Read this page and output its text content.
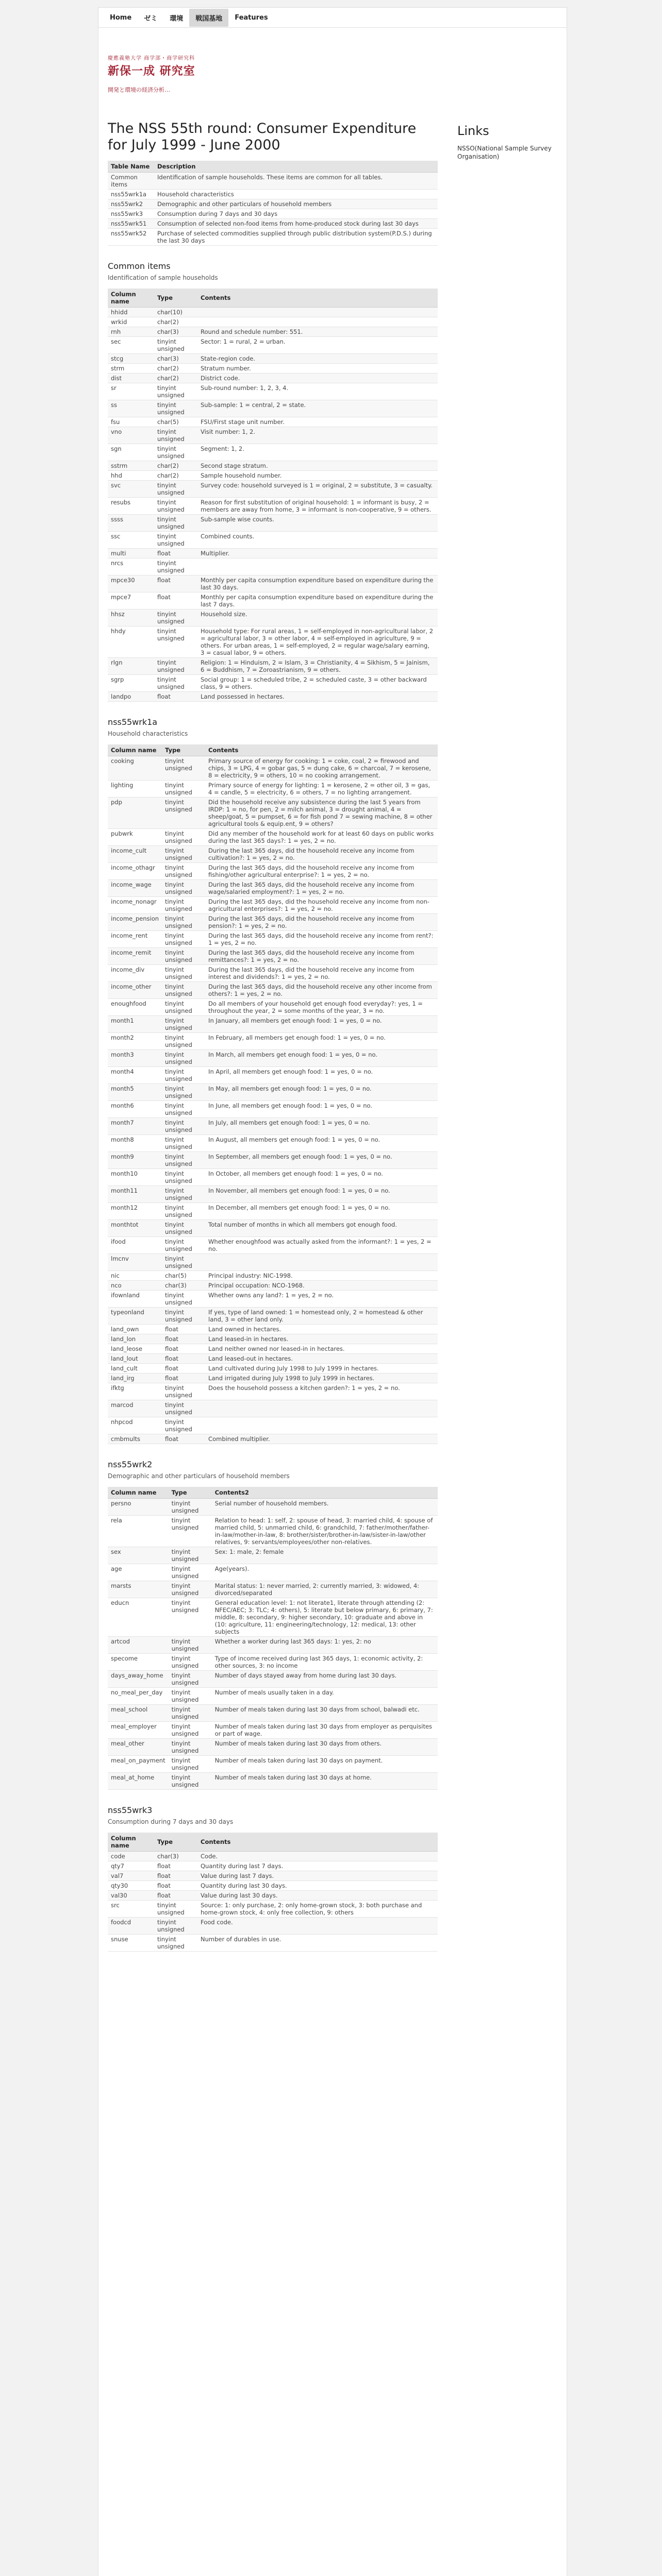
Home	ゼミ	環境	戦国基地	Features
慶應義塾大学 商学部・商学研究科
新保一成 研究室
開発と環境の経済分析…
The NSS 55th round: Consumer Expenditure for July 1999 - June 2000
Table Name	Description
Common items	Identification of sample households. These items are common for all tables.
nss55wrk1a	Household characteristics
nss55wrk2	Demographic and other particulars of household members
nss55wrk3	Consumption during 7 days and 30 days
nss55wrk51	Consumption of selected non-food items from home-produced stock during last 30 days
nss55wrk52	Purchase of selected commodities supplied through public distribution system(P.D.S.) during the last 30 days
Common items

Identification of sample households

Column name	Type	Contents
hhidd	char(10)	
wrkid	char(2)	
rnh	char(3)	Round and schedule number: 551.
sec	tinyint unsigned	Sector: 1 = rural, 2 = urban.
stcg	char(3)	State-region code.
strm	char(2)	Stratum number.
dist	char(2)	District code.
sr	tinyint unsigned	Sub-round number: 1, 2, 3, 4.
ss	tinyint unsigned	Sub-sample: 1 = central, 2 = state.
fsu	char(5)	FSU/First stage unit number.
vno	tinyint unsigned	Visit number: 1, 2.
sgn	tinyint unsigned	Segment: 1, 2.
sstrm	char(2)	Second stage stratum.
hhd	char(2)	Sample household number.
svc	tinyint unsigned	Survey code: household surveyed is 1 = original, 2 = substitute, 3 = casualty.
resubs	tinyint unsigned	Reason for first substitution of original household: 1 = informant is busy, 2 = members are away from home, 3 = informant is non-cooperative, 9 = others.
ssss	tinyint unsigned	Sub-sample wise counts.
ssc	tinyint unsigned	Combined counts.
multi	float	Multiplier.
nrcs	tinyint unsigned	
mpce30	float	Monthly per capita consumption expenditure based on expenditure during the last 30 days.
mpce7	float	Monthly per capita consumption expenditure based on expenditure during the last 7 days.
hhsz	tinyint unsigned	Household size.
hhdy	tinyint unsigned	Household type: For rural areas, 1 = self-employed in non-agricultural labor, 2 = agricultural labor, 3 = other labor, 4 = self-employed in agriculture, 9 = others. For urban areas, 1 = self-employed, 2 = regular wage/salary earning, 3 = casual labor, 9 = others.
rlgn	tinyint unsigned	Religion: 1 = Hinduism, 2 = Islam, 3 = Christianity, 4 = Sikhism, 5 = Jainism, 6 = Buddhism, 7 = Zoroastrianism, 9 = others.
sgrp	tinyint unsigned	Social group: 1 = scheduled tribe, 2 = scheduled caste, 3 = other backward class, 9 = others.
landpo	float	Land possessed in hectares.
nss55wrk1a

Household characteristics

Column name	Type	Contents
cooking	tinyint unsigned	Primary source of energy for cooking: 1 = coke, coal, 2 = firewood and chips, 3 = LPG, 4 = gobar gas, 5 = dung cake, 6 = charcoal, 7 = kerosene, 8 = electricity, 9 = others, 10 = no cooking arrangement.
lighting	tinyint unsigned	Primary source of energy for lighting: 1 = kerosene, 2 = other oil, 3 = gas, 4 = candle, 5 = electricity, 6 = others, 7 = no lighting arrangement.
pdp	tinyint unsigned	Did the household receive any subsistence during the last 5 years from IRDP: 1 = no, for pen, 2 = milch animal, 3 = drought animal, 4 = sheep/goat, 5 = pumpset, 6 = for fish pond 7 = sewing machine, 8 = other agricultural tools & equip.ent, 9 = others?
pubwrk	tinyint unsigned	Did any member of the household work for at least 60 days on public works during the last 365 days?: 1 = yes, 2 = no.
income_cult	tinyint unsigned	During the last 365 days, did the household receive any income from cultivation?: 1 = yes, 2 = no.
income_othagr	tinyint unsigned	During the last 365 days, did the household receive any income from fishing/other agricultural enterprise?: 1 = yes, 2 = no.
income_wage	tinyint unsigned	During the last 365 days, did the household receive any income from wage/salaried employment?: 1 = yes, 2 = no.
income_nonagr	tinyint unsigned	During the last 365 days, did the household receive any income from non-agricultural enterprises?: 1 = yes, 2 = no.
income_pension	tinyint unsigned	During the last 365 days, did the household receive any income from pension?: 1 = yes, 2 = no.
income_rent	tinyint unsigned	During the last 365 days, did the household receive any income from rent?: 1 = yes, 2 = no.
income_remit	tinyint unsigned	During the last 365 days, did the household receive any income from remittances?: 1 = yes, 2 = no.
income_div	tinyint unsigned	During the last 365 days, did the household receive any income from interest and dividends?: 1 = yes, 2 = no.
income_other	tinyint unsigned	During the last 365 days, did the household receive any other income from others?: 1 = yes, 2 = no.
enoughfood	tinyint unsigned	Do all members of your household get enough food everyday?: yes, 1 = throughout the year, 2 = some months of the year, 3 = no.
month1	tinyint unsigned	In January, all members get enough food: 1 = yes, 0 = no.
month2	tinyint unsigned	In February, all members get enough food: 1 = yes, 0 = no.
month3	tinyint unsigned	In March, all members get enough food: 1 = yes, 0 = no.
month4	tinyint unsigned	In April, all members get enough food: 1 = yes, 0 = no.
month5	tinyint unsigned	In May, all members get enough food: 1 = yes, 0 = no.
month6	tinyint unsigned	In June, all members get enough food: 1 = yes, 0 = no.
month7	tinyint unsigned	In July, all members get enough food: 1 = yes, 0 = no.
month8	tinyint unsigned	In August, all members get enough food: 1 = yes, 0 = no.
month9	tinyint unsigned	In September, all members get enough food: 1 = yes, 0 = no.
month10	tinyint unsigned	In October, all members get enough food: 1 = yes, 0 = no.
month11	tinyint unsigned	In November, all members get enough food: 1 = yes, 0 = no.
month12	tinyint unsigned	In December, all members get enough food: 1 = yes, 0 = no.
monthtot	tinyint unsigned	Total number of months in which all members got enough food.
ifood	tinyint unsigned	Whether enoughfood was actually asked from the informant?: 1 = yes, 2 = no.
lmcnv	tinyint unsigned	
nic	char(5)	Principal industry: NIC-1998.
nco	char(3)	Principal occupation: NCO-1968.
ifownland	tinyint unsigned	Whether owns any land?: 1 = yes, 2 = no.
typeonland	tinyint unsigned	If yes, type of land owned: 1 = homestead only, 2 = homestead & other land, 3 = other land only.
land_own	float	Land owned in hectares.
land_lon	float	Land leased-in in hectares.
land_leose	float	Land neither owned nor leased-in in hectares.
land_lout	float	Land leased-out in hectares.
land_cult	float	Land cultivated during July 1998 to July 1999 in hectares.
land_irg	float	Land irrigated during July 1998 to July 1999 in hectares.
ifktg	tinyint unsigned	Does the household possess a kitchen garden?: 1 = yes, 2 = no.
marcod	tinyint unsigned	
nhpcod	tinyint unsigned	
cmbmults	float	Combined multiplier.
nss55wrk2

Demographic and other particulars of household members

Column name	Type	Contents2
persno	tinyint unsigned	Serial number of household members.
rela	tinyint unsigned	Relation to head: 1: self, 2: spouse of head, 3: married child, 4: spouse of married child, 5: unmarried child, 6: grandchild, 7: father/mother/father-in-law/mother-in-law, 8: brother/sister/brother-in-law/sister-in-law/other relatives, 9: servants/employees/other non-relatives.
sex	tinyint unsigned	Sex: 1: male, 2: female
age	tinyint unsigned	Age(years).
marsts	tinyint unsigned	Marital status: 1: never married, 2: currently married, 3: widowed, 4: divorced/separated
educn	tinyint unsigned	General education level: 1: not literate1, literate through attending (2: NFEC/AEC; 3: TLC; 4: others), 5: literate but below primary, 6: primary, 7: middle, 8: secondary, 9: higher secondary, 10: graduate and above in (10: agriculture, 11: engineering/technology, 12: medical, 13: other subjects
artcod	tinyint unsigned	Whether a worker during last 365 days: 1: yes, 2: no
specome	tinyint unsigned	Type of income received during last 365 days, 1: economic activity, 2: other sources, 3: no income
days_away_home	tinyint unsigned	Number of days stayed away from home during last 30 days.
no_meal_per_day	tinyint unsigned	Number of meals usually taken in a day.
meal_school	tinyint unsigned	Number of meals taken during last 30 days from school, balwadi etc.
meal_employer	tinyint unsigned	Number of meals taken during last 30 days from employer as perquisites or part of wage.
meal_other	tinyint unsigned	Number of meals taken during last 30 days from others.
meal_on_payment	tinyint unsigned	Number of meals taken during last 30 days on payment.
meal_at_home	tinyint unsigned	Number of meals taken during last 30 days at home.
nss55wrk3

Consumption during 7 days and 30 days

Column name	Type	Contents
code	char(3)	Code.
qty7	float	Quantity during last 7 days.
val7	float	Value during last 7 days.
qty30	float	Quantity during last 30 days.
val30	float	Value during last 30 days.
src	tinyint unsigned	Source: 1: only purchase, 2: only home-grown stock, 3: both purchase and home-grown stock, 4: only free collection, 9: others
foodcd	tinyint unsigned	Food code.
snuse	tinyint unsigned	Number of durables in use.
Links
NSSO(National Sample Survey Organisation)
